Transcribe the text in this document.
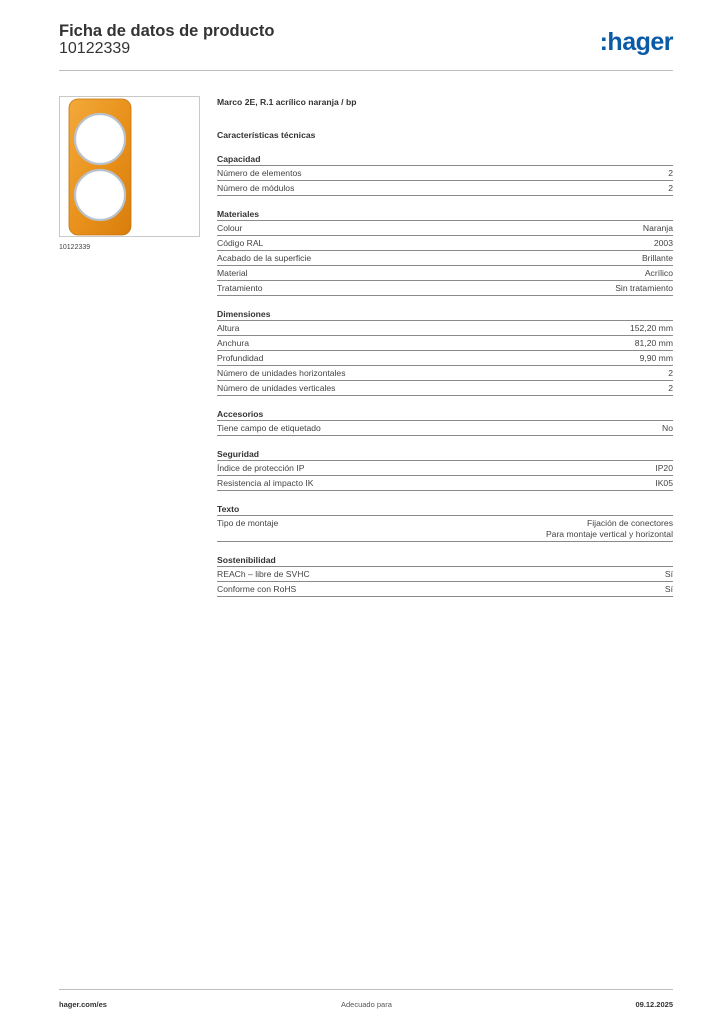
Ficha de datos de producto
10122339	:hager
10122339
Marco 2E, R.1 acrílico naranja / bp
Características técnicas
Capacidad
Número de elementos	2
Número de módulos	2
Materiales
Colour	Naranja
Código RAL	2003
Acabado de la superficie	Brillante
Material	Acrílico
Tratamiento	Sin tratamiento
Dimensiones
Altura	152,20 mm
Anchura	81,20 mm
Profundidad	9,90 mm
Número de unidades horizontales	2
Número de unidades verticales	2
Accesorios
Tiene campo de etiquetado	No
Seguridad
Índice de protección IP	IP20
Resistencia al impacto IK	IK05
Texto
Tipo de montaje	Fijación de conectores
Para montaje vertical y horizontal
Sostenibilidad
REACh – libre de SVHC	Sí
Conforme con RoHS	Sí
hager.com/es	Adecuado para	09.12.2025
